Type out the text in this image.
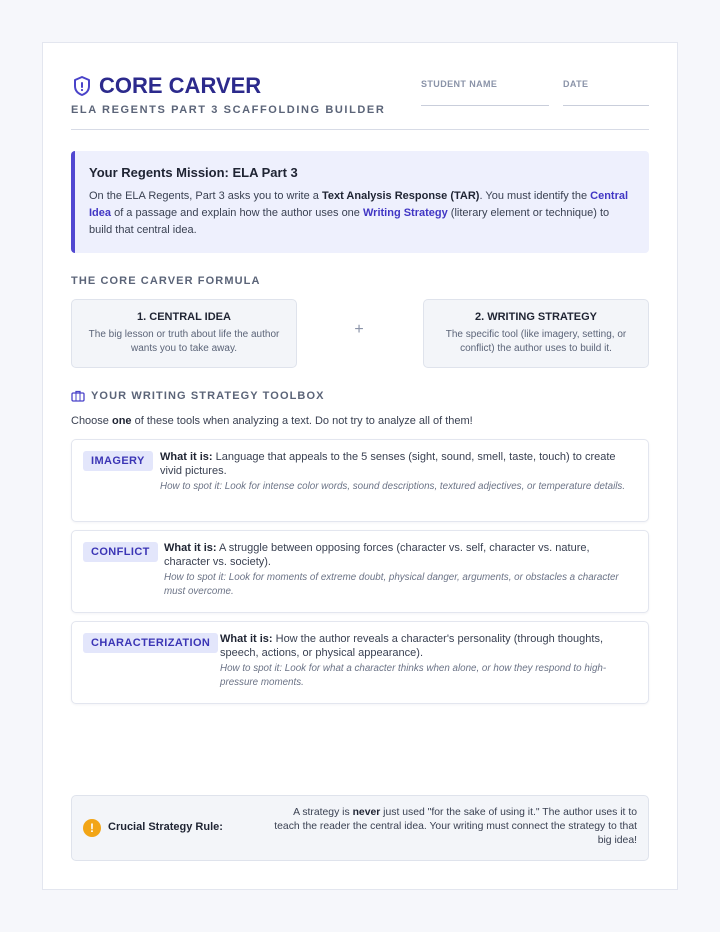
CORE CARVER
ELA REGENTS PART 3 SCAFFOLDING BUILDER
STUDENT NAME	DATE
Your Regents Mission: ELA Part 3
On the ELA Regents, Part 3 asks you to write a Text Analysis Response (TAR). You must identify the Central Idea of a passage and explain how the author uses one Writing Strategy (literary element or technique) to build that central idea.
THE CORE CARVER FORMULA
1. CENTRAL IDEA
The big lesson or truth about life the author wants you to take away.
+
2. WRITING STRATEGY
The specific tool (like imagery, setting, or conflict) the author uses to build it.
YOUR WRITING STRATEGY TOOLBOX
Choose one of these tools when analyzing a text. Do not try to analyze all of them!
IMAGERY	What it is: Language that appeals to the 5 senses (sight, sound, smell, taste, touch) to create vivid pictures.
How to spot it: Look for intense color words, sound descriptions, textured adjectives, or temperature details.
CONFLICT	What it is: A struggle between opposing forces (character vs. self, character vs. nature, character vs. society).
How to spot it: Look for moments of extreme doubt, physical danger, arguments, or obstacles a character must overcome.
CHARACTERIZATION What it is: How the author reveals a character's personality (through thoughts, speech, actions, or physical appearance).
How to spot it: Look for what a character thinks when alone, or how they respond to high-pressure moments.
!	Crucial Strategy Rule:
A strategy is never just used "for the sake of using it." The author uses it to teach the reader the central idea. Your writing must connect the strategy to that big idea!
